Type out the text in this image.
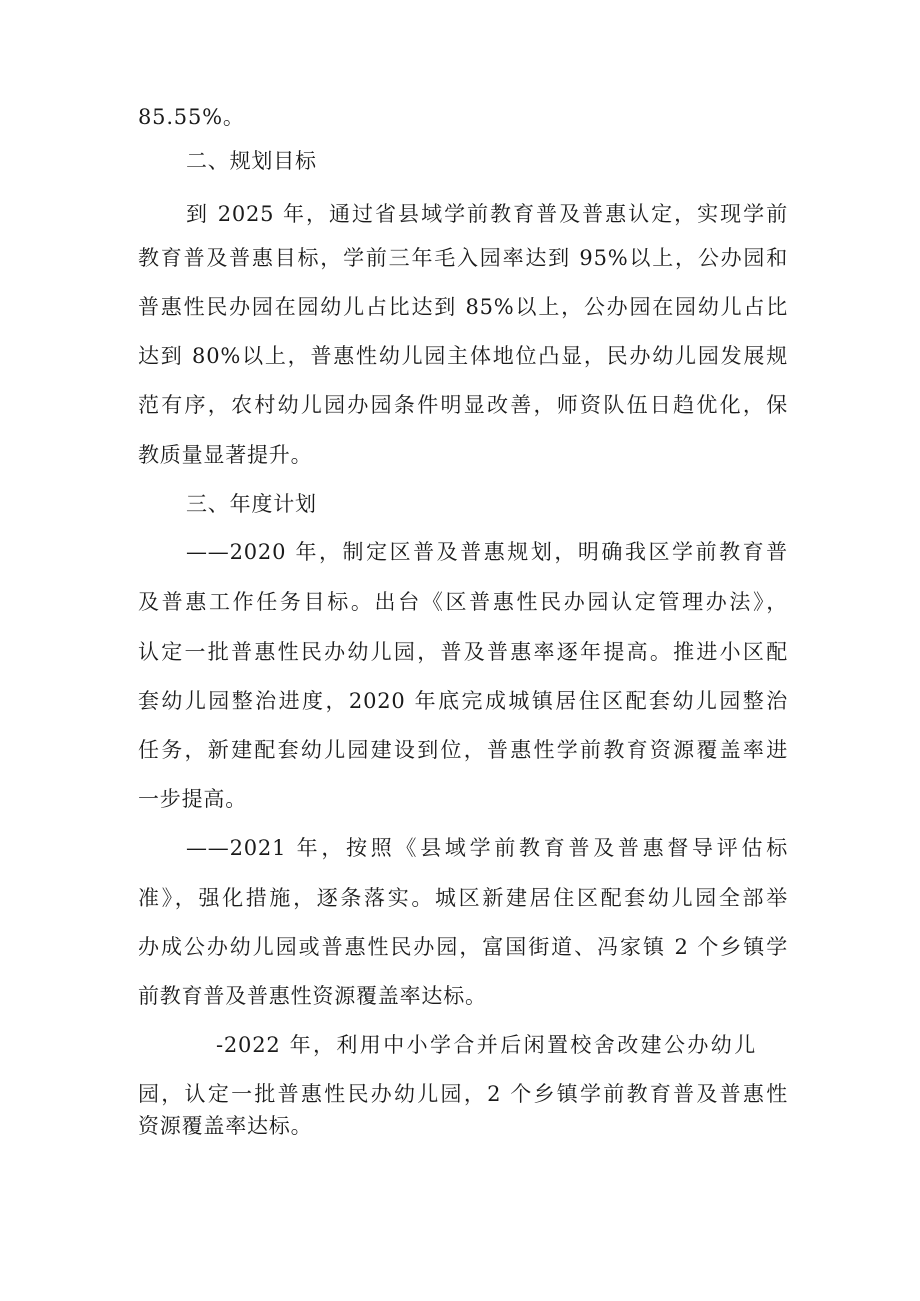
85.55%。
二、规划目标
到 2025 年，通过省县域学前教育普及普惠认定，实现学前
教育普及普惠目标，学前三年毛入园率达到 95%以上，公办园和
普惠性民办园在园幼儿占比达到 85%以上，公办园在园幼儿占比
达到 80%以上，普惠性幼儿园主体地位凸显，民办幼儿园发展规
范有序，农村幼儿园办园条件明显改善，师资队伍日趋优化，保
教质量显著提升。
三、年度计划
——2020 年，制定区普及普惠规划，明确我区学前教育普
及普惠工作任务目标。出台《区普惠性民办园认定管理办法》，
认定一批普惠性民办幼儿园，普及普惠率逐年提高。推进小区配
套幼儿园整治进度，2020 年底完成城镇居住区配套幼儿园整治
任务，新建配套幼儿园建设到位，普惠性学前教育资源覆盖率进
一步提高。
——2021 年，按照《县域学前教育普及普惠督导评估标
准》，强化措施，逐条落实。城区新建居住区配套幼儿园全部举
办成公办幼儿园或普惠性民办园，富国街道、冯家镇 2 个乡镇学
前教育普及普惠性资源覆盖率达标。
-2022 年，利用中小学合并后闲置校舍改建公办幼儿
园，认定一批普惠性民办幼儿园，2 个乡镇学前教育普及普惠性
资源覆盖率达标。
